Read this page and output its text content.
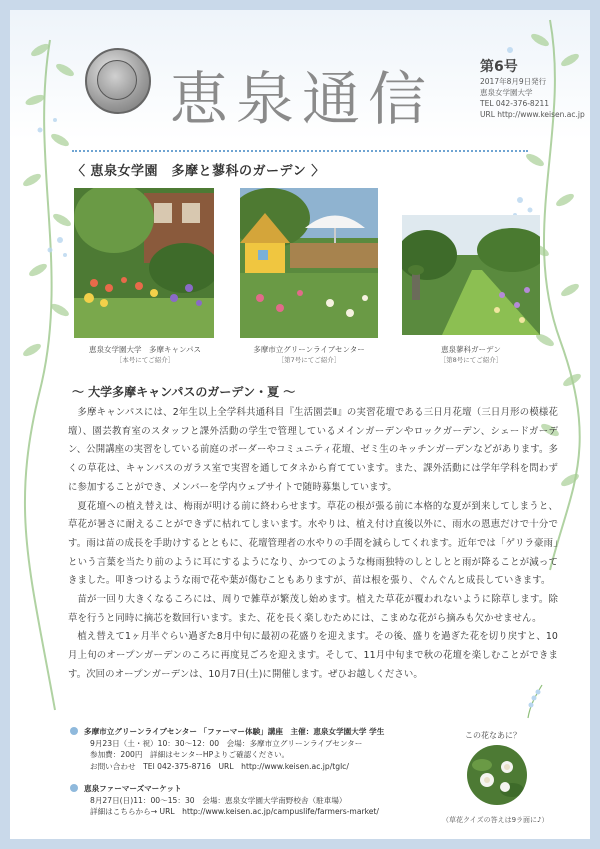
恵泉通信	第6号
2017年8月9日発行
恵泉女学園大学
TEL 042-376-8211
URL http://www.keisen.ac.jp
〈 恵泉女学園　多摩と蓼科のガーデン 〉
恵泉女学園大学　多摩キャンパス
［本号にてご紹介］
多摩市立グリーンライブセンター
［第7号にてご紹介］
恵泉蓼科ガーデン
［第8号にてご紹介］
～ 大学多摩キャンパスのガーデン・夏 ～

多摩キャンパスには、2年生以上全学科共通科目『生活園芸Ⅱ』の実習花壇である三日月花壇（三日月形の模様花壇）、園芸教育室のスタッフと課外活動の学生で管理しているメインガーデンやロックガーデン、シェードガーデン、公開講座の実習をしている前庭のボーダーやコミュニティ花壇、ゼミ生のキッチンガーデンなどがあります。多くの草花は、キャンパスのガラス室で実習を通してタネから育てています。また、課外活動には学年学科を問わずに参加することができ、メンバーを学内ウェブサイトで随時募集しています。

夏花壇への植え替えは、梅雨が明ける前に終わらせます。草花の根が張る前に本格的な夏が到来してしまうと、草花が暑さに耐えることができずに枯れてしまいます。水やりは、植え付け直後以外に、雨水の恩恵だけで十分です。雨は苗の成長を手助けするとともに、花壇管理者の水やりの手間を減らしてくれます。近年では「ゲリラ豪雨」という言葉を当たり前のように耳にするようになり、かつてのような梅雨独特のしとしとと雨が降ることが減ってきました。叩きつけるような雨で花や葉が傷むこともありますが、苗は根を張り、ぐんぐんと成長していきます。

苗が一回り大きくなるころには、周りで雑草が繁茂し始めます。植えた草花が覆われないように除草します。除草を行うと同時に摘芯を数回行います。また、花を長く楽しむためには、こまめな花がら摘みも欠かせません。

植え替えて1ヶ月半ぐらい過ぎた8月中旬に最初の花盛りを迎えます。その後、盛りを過ぎた花を切り戻すと、10月上旬のオープンガーデンのころに再度見ごろを迎えます。そして、11月中旬まで秋の花壇を楽しむことができます。次回のオープンガーデンは、10月7日(土)に開催します。ぜひお越しください。

多摩市立グリーンライブセンター 「ファーマー体験」講座　主催：恵泉女学園大学 学生
9月23日（土・祝）10：30～12：00　会場：多摩市立グリーンライブセンター
参加費：200円　詳細はセンターHPよりご確認ください。
お問い合わせ　TEl 042-375-8716　URL　http://www.keisen.ac.jp/tglc/
恵泉ファーマーズマーケット
8月27日(日)11：00～15：30　会場：恵泉女学園大学南野校舎（駐車場）
詳細はこちらから→ URL　http://www.keisen.ac.jp/campuslife/farmers-market/
この花なあに？
（草花クイズの答えは9ラ面に♪）
